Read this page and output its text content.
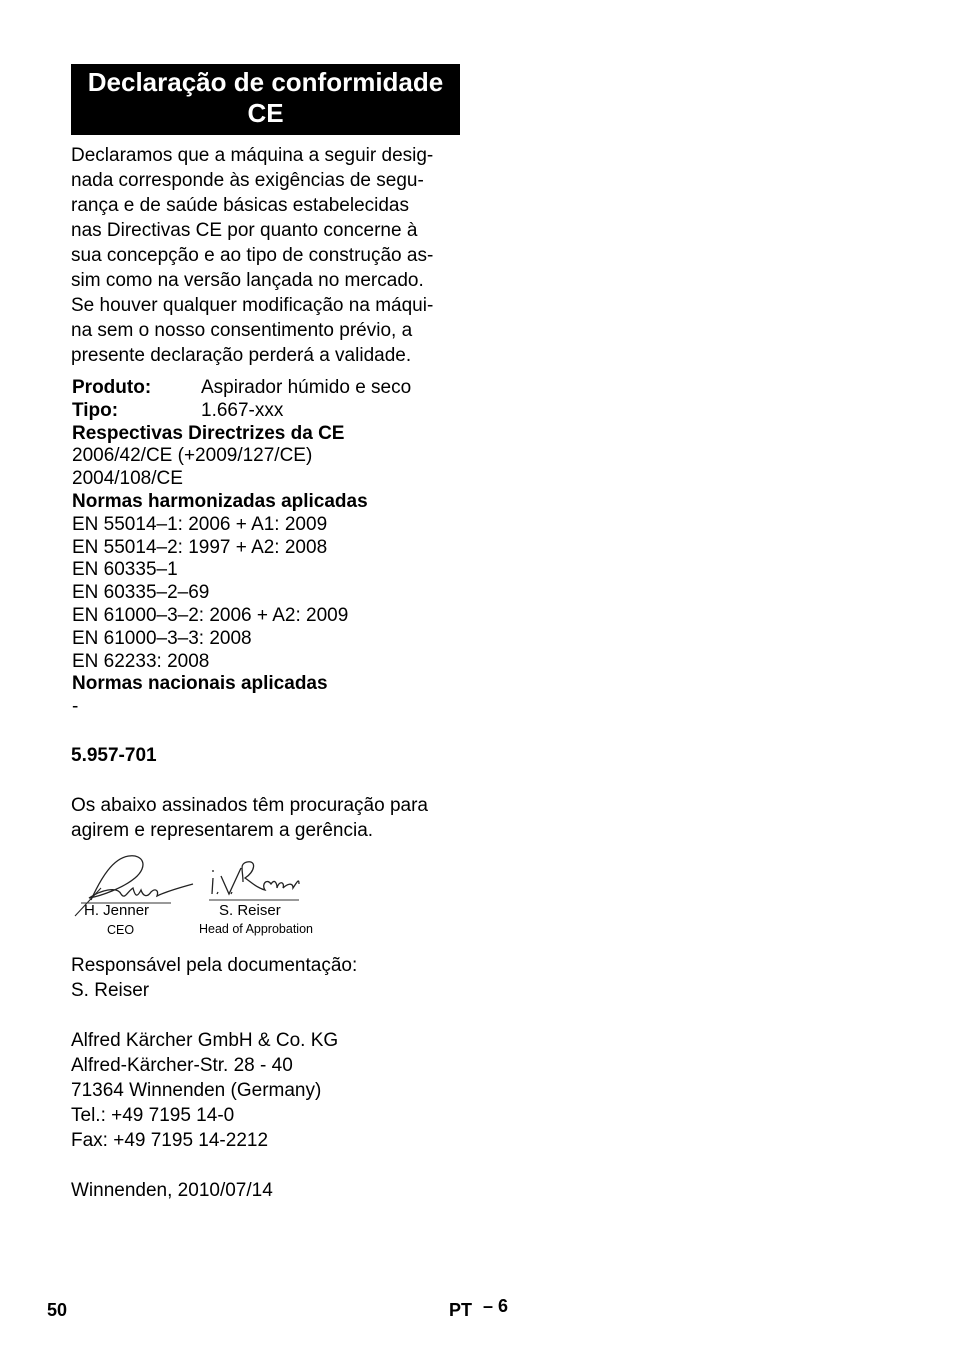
Declaração de conformidade
CE
Declaramos que a máquina a seguir desig-
nada corresponde às exigências de segu-
rança e de saúde básicas estabelecidas
nas Directivas CE por quanto concerne à
sua concepção e ao tipo de construção as-
sim como na versão lançada no mercado.
Se houver qualquer modificação na máqui-
na sem o nosso consentimento prévio, a
presente declaração perderá a validade.
Produto:	Aspirador húmido e seco
Tipo:	1.667-xxx
Respectivas Directrizes da CE
2006/42/CE (+2009/127/CE)
2004/108/CE
Normas harmonizadas aplicadas
EN 55014–1: 2006 + A1: 2009
EN 55014–2: 1997 + A2: 2008
EN 60335–1
EN 60335–2–69
EN 61000–3–2: 2006 + A2: 2009
EN 61000–3–3: 2008
EN 62233: 2008
Normas nacionais aplicadas
-
5.957-701
Os abaixo assinados têm procuração para
agirem e representarem a gerência.
H. Jenner
CEO
S. Reiser
Head of Approbation
Responsável pela documentação:
S. Reiser
Alfred Kärcher GmbH & Co. KG
Alfred-Kärcher-Str. 28 - 40
71364 Winnenden (Germany)
Tel.: +49 7195 14-0
Fax: +49 7195 14-2212
Winnenden, 2010/07/14
50	PT – 6
